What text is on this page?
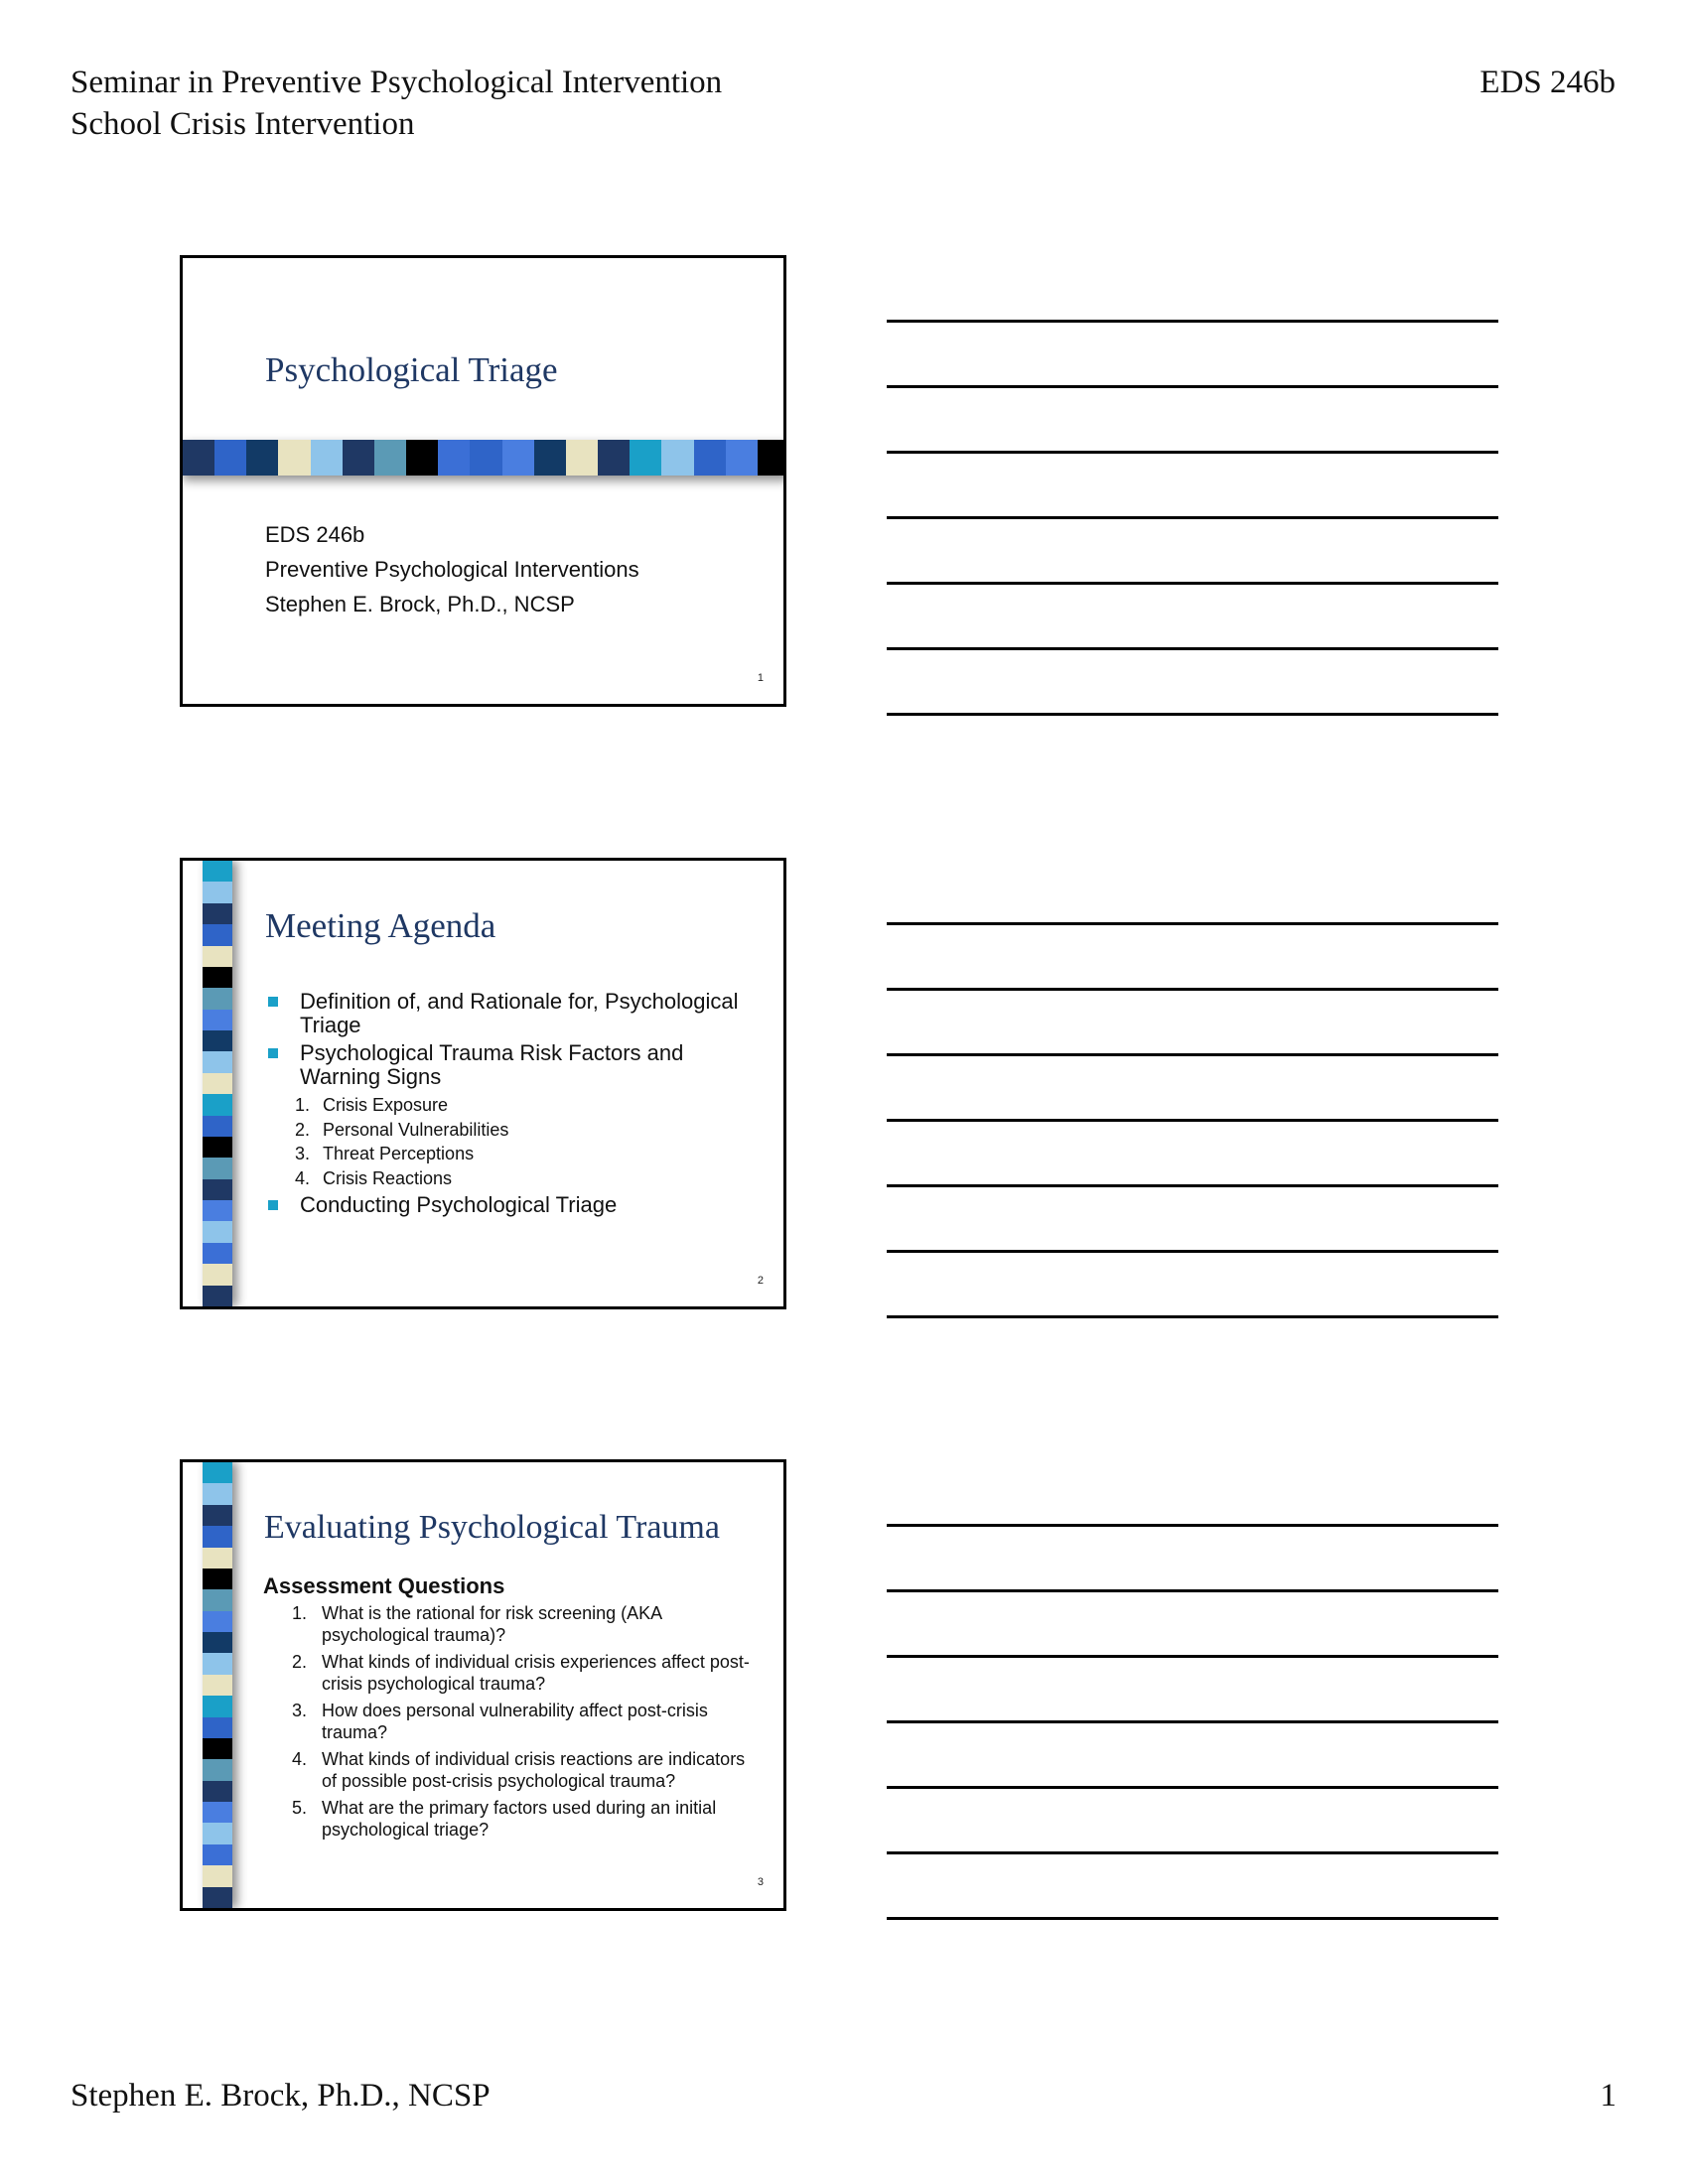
Seminar in Preventive Psychological Intervention
School Crisis Intervention
EDS 246b
Psychological Triage
EDS 246b
Preventive Psychological Interventions
Stephen E. Brock, Ph.D., NCSP
1
Meeting Agenda
Definition of, and Rationale for, Psychological Triage
Psychological Trauma Risk Factors and Warning Signs
1. Crisis Exposure
2. Personal Vulnerabilities
3. Threat Perceptions
4. Crisis Reactions
Conducting Psychological Triage
2
Evaluating Psychological Trauma
Assessment Questions
1. What is the rational for risk screening (AKA psychological trauma)?
2. What kinds of individual crisis experiences affect post-crisis psychological trauma?
3. How does personal vulnerability affect post-crisis trauma?
4. What kinds of individual crisis reactions are indicators of possible post-crisis psychological trauma?
5. What are the primary factors used during an initial psychological triage?
3
Stephen E. Brock, Ph.D., NCSP	1
